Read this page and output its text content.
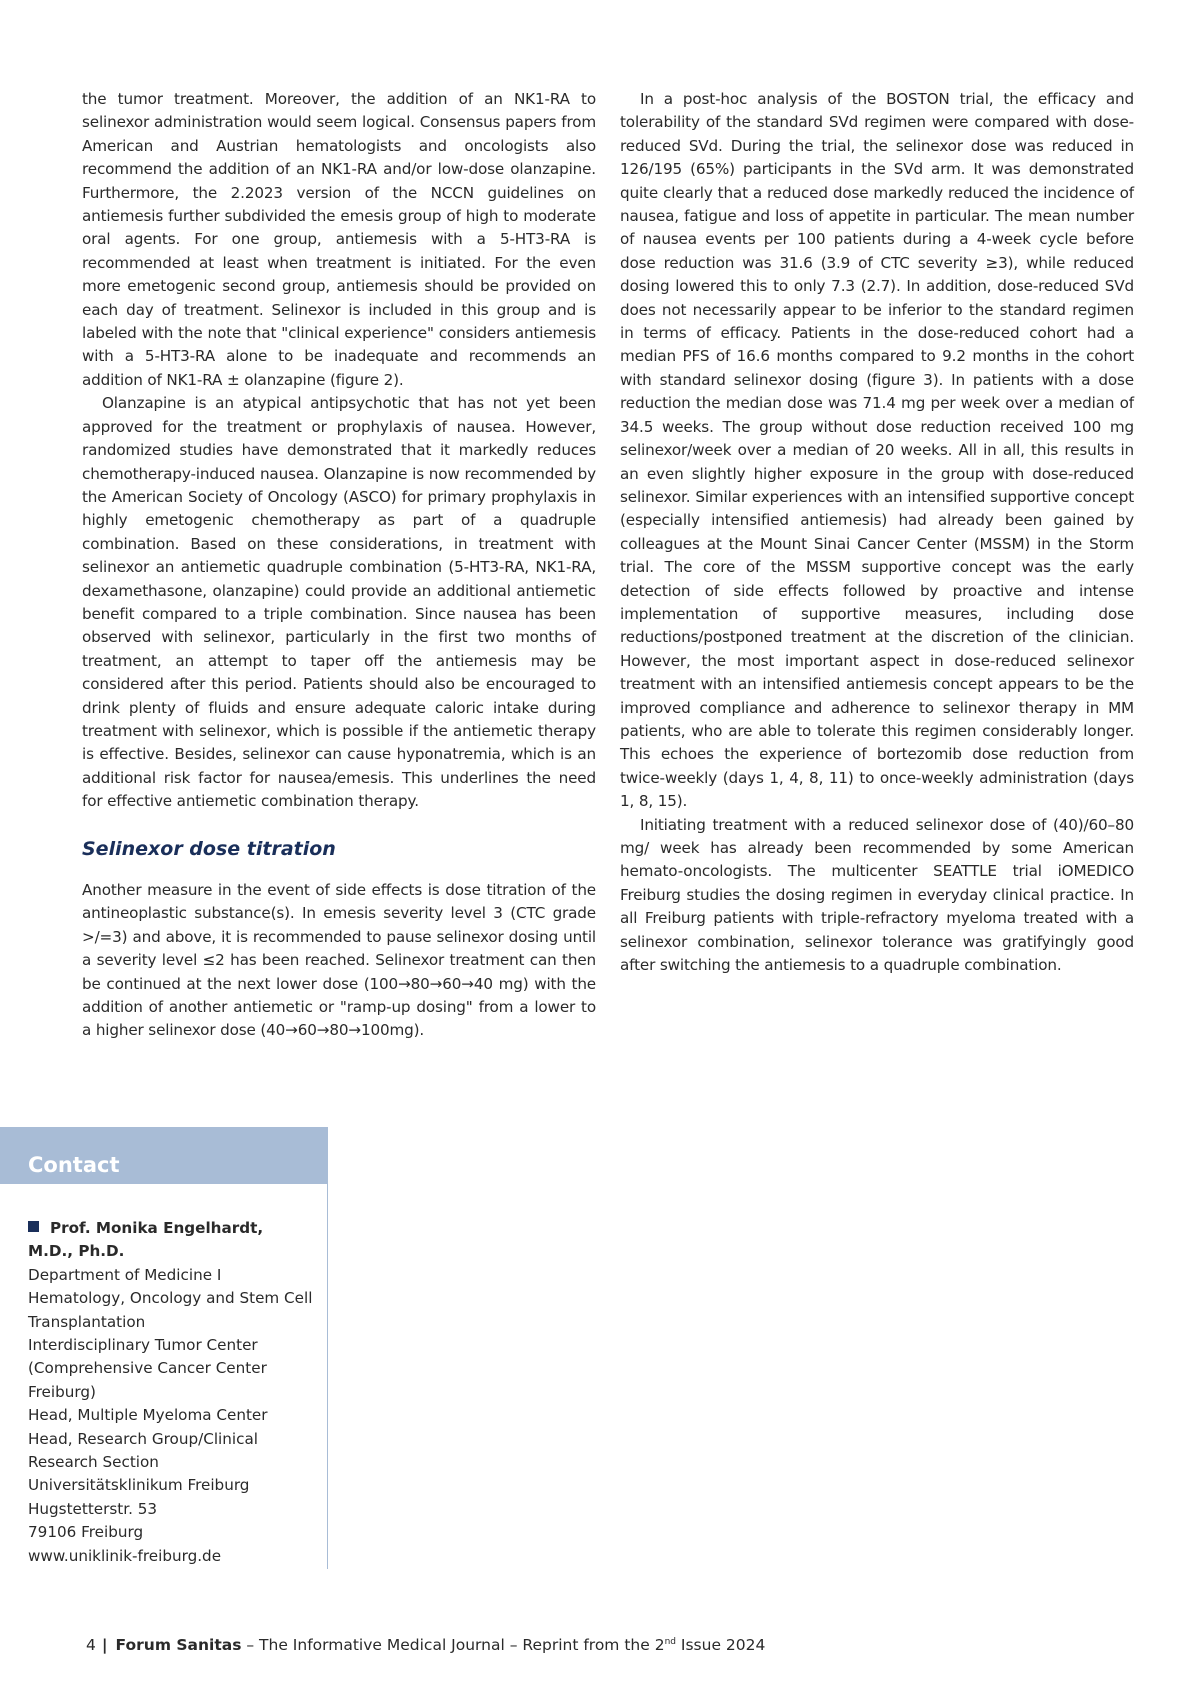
the tumor treatment. Moreover, the addition of an NK1-RA to selinexor administration would seem logical. Consensus papers from American and Austrian hematologists and oncologists also recommend the addition of an NK1-RA and/or low-dose olanzapine. Furthermore, the 2.2023 version of the NCCN guidelines on antiemesis further subdivided the emesis group of high to moderate oral agents. For one group, antiemesis with a 5-HT3-RA is recommended at least when treatment is initiated. For the even more emetogenic second group, antiemesis should be provided on each day of treatment. Selinexor is included in this group and is labeled with the note that "clinical experience" considers antiemesis with a 5-HT3-RA alone to be inadequate and recommends an addition of NK1-RA ± olanzapine (figure 2).

Olanzapine is an atypical antipsychotic that has not yet been approved for the treatment or prophylaxis of nausea. However, randomized studies have demonstrated that it markedly reduces chemotherapy-induced nausea. Olanzapine is now recommended by the American Society of Oncology (ASCO) for primary prophylaxis in highly emetogenic chemotherapy as part of a quadruple combination. Based on these considerations, in treatment with selinexor an antiemetic quadruple combination (5-HT3-RA, NK1-RA, dexamethasone, olanzapine) could provide an additional antiemetic benefit compared to a triple combination. Since nausea has been observed with selinexor, particularly in the first two months of treatment, an attempt to taper off the antiemesis may be considered after this period. Patients should also be encouraged to drink plenty of fluids and ensure adequate caloric intake during treatment with selinexor, which is possible if the antiemetic therapy is effective. Besides, selinexor can cause hyponatremia, which is an additional risk factor for nausea/emesis. This underlines the need for effective antiemetic combination therapy.

Selinexor dose titration

Another measure in the event of side effects is dose titration of the antineoplastic substance(s). In emesis severity level 3 (CTC grade >/=3) and above, it is recommended to pause selinexor dosing until a severity level ≤2 has been reached. Selinexor treatment can then be continued at the next lower dose (100→80→60→40 mg) with the addition of another antiemetic or "ramp-up dosing" from a lower to a higher selinexor dose (40→60→80→100mg).

In a post-hoc analysis of the BOSTON trial, the efficacy and tolerability of the standard SVd regimen were compared with dose-reduced SVd. During the trial, the selinexor dose was reduced in 126/195 (65%) participants in the SVd arm. It was demonstrated quite clearly that a reduced dose markedly reduced the incidence of nausea, fatigue and loss of appetite in particular. The mean number of nausea events per 100 patients during a 4-week cycle before dose reduction was 31.6 (3.9 of CTC severity ≥3), while reduced dosing lowered this to only 7.3 (2.7). In addition, dose-reduced SVd does not necessarily appear to be inferior to the standard regimen in terms of efficacy. Patients in the dose-reduced cohort had a median PFS of 16.6 months compared to 9.2 months in the cohort with standard selinexor dosing (figure 3). In patients with a dose reduction the median dose was 71.4 mg per week over a median of 34.5 weeks. The group without dose reduction received 100 mg selinexor/week over a median of 20 weeks. All in all, this results in an even slightly higher exposure in the group with dose-reduced selinexor. Similar experiences with an intensified supportive concept (especially intensified antiemesis) had already been gained by colleagues at the Mount Sinai Cancer Center (MSSM) in the Storm trial. The core of the MSSM supportive concept was the early detection of side effects followed by proactive and intense implementation of supportive measures, including dose reductions/postponed treatment at the discretion of the clinician. However, the most important aspect in dose-reduced selinexor treatment with an intensified antiemesis concept appears to be the improved compliance and adherence to selinexor therapy in MM patients, who are able to tolerate this regimen considerably longer. This echoes the experience of bortezomib dose reduction from twice-weekly (days 1, 4, 8, 11) to once-weekly administration (days 1, 8, 15).

Initiating treatment with a reduced selinexor dose of (40)/60–80 mg/ week has already been recommended by some American hemato-oncologists. The multicenter SEATTLE trial iOMEDICO Freiburg studies the dosing regimen in everyday clinical practice. In all Freiburg patients with triple-refractory myeloma treated with a selinexor combination, selinexor tolerance was gratifyingly good after switching the antiemesis to a quadruple combination.

Contact
Prof. Monika Engelhardt,
M.D., Ph.D.
Department of Medicine I
Hematology, Oncology and Stem Cell
Transplantation
Interdisciplinary Tumor Center
(Comprehensive Cancer Center
Freiburg)
Head, Multiple Myeloma Center
Head, Research Group/Clinical
Research Section
Universitätsklinikum Freiburg
Hugstetterstr. 53
79106 Freiburg
www.uniklinik-freiburg.de
4 | Forum Sanitas – The Informative Medical Journal – Reprint from the 2nd Issue 2024
